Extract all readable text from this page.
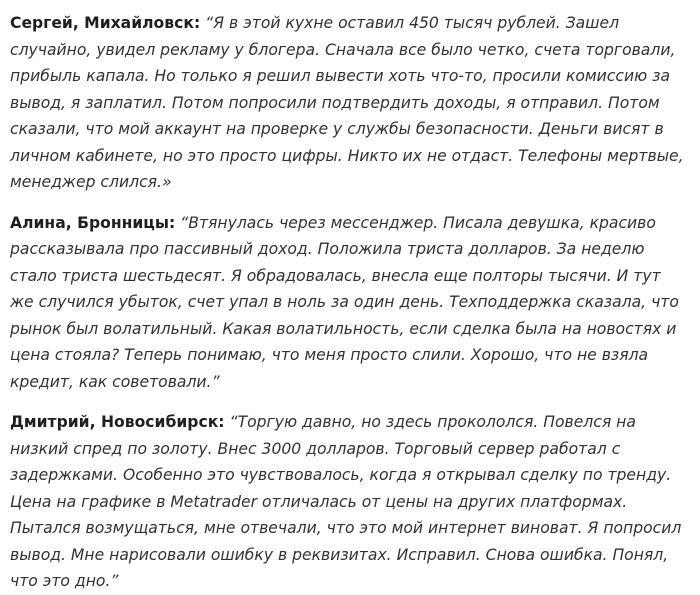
Сергей, Михайловск: “Я в этой кухне оставил 450 тысяч рублей. Зашел случайно, увидел рекламу у блогера. Сначала все было четко, счета торговали, прибыль капала. Но только я решил вывести хоть что-то, просили комиссию за вывод, я заплатил. Потом попросили подтвердить доходы, я отправил. Потом сказали, что мой аккаунт на проверке у службы безопасности. Деньги висят в личном кабинете, но это просто цифры. Никто их не отдаст. Телефоны мертвые, менеджер слился.»

Алина, Бронницы: “Втянулась через мессенджер. Писала девушка, красиво рассказывала про пассивный доход. Положила триста долларов. За неделю стало триста шестьдесят. Я обрадовалась, внесла еще полторы тысячи. И тут же случился убыток, счет упал в ноль за один день. Техподдержка сказала, что рынок был волатильный. Какая волатильность, если сделка была на новостях и цена стояла? Теперь понимаю, что меня просто слили. Хорошо, что не взяла кредит, как советовали.”

Дмитрий, Новосибирск: “Торгую давно, но здесь прокололся. Повелся на низкий спред по золоту. Внес 3000 долларов. Торговый сервер работал с задержками. Особенно это чувствовалось, когда я открывал сделку по тренду. Цена на графике в Metatrader отличалась от цены на других платформах. Пытался возмущаться, мне отвечали, что это мой интернет виноват. Я попросил вывод. Мне нарисовали ошибку в реквизитах. Исправил. Снова ошибка. Понял, что это дно.”
